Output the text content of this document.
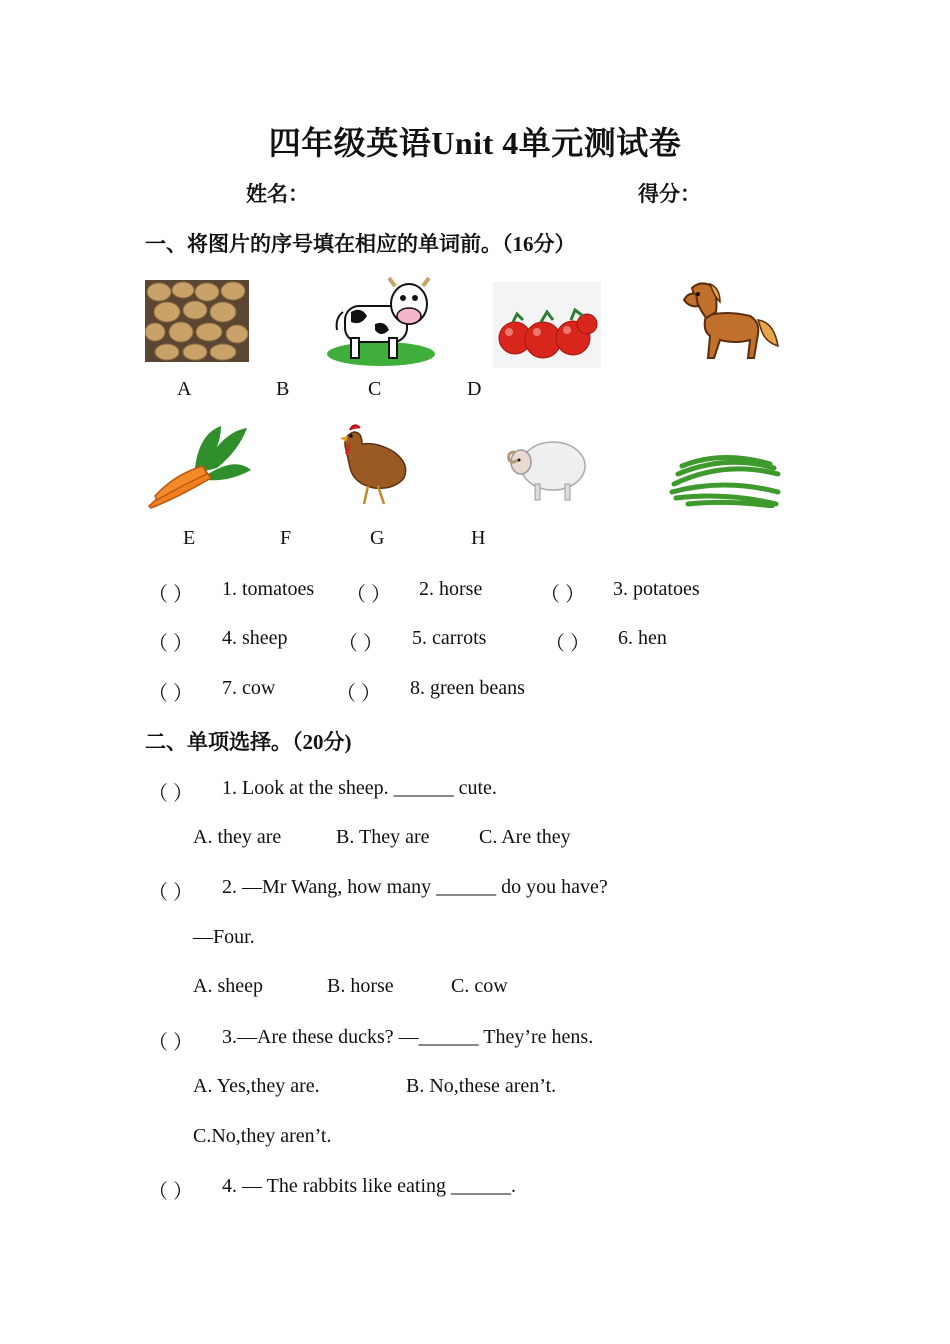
四年级英语Unit 4单元测试卷
姓名：	得分：
一、将图片的序号填在相应的单词前。（16分）
A	B	C	D
E	F	G	H
（ ） 1. tomatoes （ ） 2. horse	（ ） 3. potatoes
（ ） 4. sheep	（ ） 5. carrots	（ ） 6. hen
（ ） 7. cow	（ ） 8. green beans
二、单项选择。（20分)
（ ） 1. Look at the sheep. ______ cute.
A. they are	B. They are C. Are they
（ ） 2. —Mr Wang, how many ______ do you have?
—Four.
A. sheep	B. horse	C. cow
（ ） 3.—Are these ducks? —______ They’re hens.
A. Yes,they are.	B. No,these aren’t.
C.No,they aren’t.
（ ） 4. — The rabbits like eating ______.
